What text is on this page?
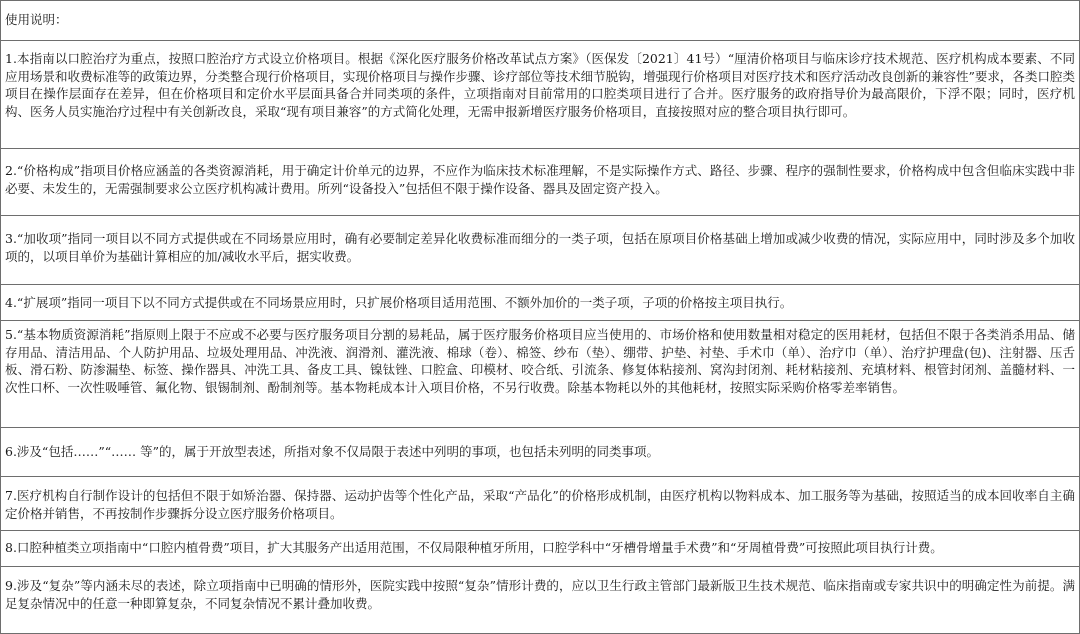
使用说明：
1.本指南以口腔治疗为重点，按照口腔治疗方式设立价格项目。根据《深化医疗服务价格改革试点方案》（医保发〔2021〕41号）“厘清价格项目与临床诊疗技术规范、医疗机构成本要素、不同应用场景和收费标准等的政策边界，分类整合现行价格项目，实现价格项目与操作步骤、诊疗部位等技术细节脱钩，增强现行价格项目对医疗技术和医疗活动改良创新的兼容性”要求，各类口腔类项目在操作层面存在差异，但在价格项目和定价水平层面具备合并同类项的条件，立项指南对目前常用的口腔类项目进行了合并。医疗服务的政府指导价为最高限价，下浮不限；同时，医疗机构、医务人员实施治疗过程中有关创新改良，采取“现有项目兼容”的方式简化处理，无需申报新增医疗服务价格项目，直接按照对应的整合项目执行即可。
2.“价格构成”指项目价格应涵盖的各类资源消耗，用于确定计价单元的边界，不应作为临床技术标准理解，不是实际操作方式、路径、步骤、程序的强制性要求，价格构成中包含但临床实践中非必要、未发生的，无需强制要求公立医疗机构减计费用。所列“设备投入”包括但不限于操作设备、器具及固定资产投入。
3.“加收项”指同一项目以不同方式提供或在不同场景应用时，确有必要制定差异化收费标准而细分的一类子项，包括在原项目价格基础上增加或减少收费的情况，实际应用中，同时涉及多个加收项的，以项目单价为基础计算相应的加/减收水平后，据实收费。
4.“扩展项”指同一项目下以不同方式提供或在不同场景应用时，只扩展价格项目适用范围、不额外加价的一类子项，子项的价格按主项目执行。
5.“基本物质资源消耗”指原则上限于不应或不必要与医疗服务项目分割的易耗品，属于医疗服务价格项目应当使用的、市场价格和使用数量相对稳定的医用耗材，包括但不限于各类消杀用品、储存用品、清洁用品、个人防护用品、垃圾处理用品、冲洗液、润滑剂、灌洗液、棉球（卷）、棉签、纱布（垫）、绷带、护垫、衬垫、手术巾（单）、治疗巾（单）、治疗护理盘(包)、注射器、压舌板、滑石粉、防渗漏垫、标签、操作器具、冲洗工具、备皮工具、镍钛锉、口腔盒、印模材、咬合纸、引流条、修复体粘接剂、窝沟封闭剂、耗材粘接剂、充填材料、根管封闭剂、盖髓材料、一次性口杯、一次性吸唾管、氟化物、银锡制剂、酚制剂等。基本物耗成本计入项目价格，不另行收费。除基本物耗以外的其他耗材，按照实际采购价格零差率销售。
6.涉及“包括……”“…… 等”的，属于开放型表述，所指对象不仅局限于表述中列明的事项，也包括未列明的同类事项。
7.医疗机构自行制作设计的包括但不限于如矫治器、保持器、运动护齿等个性化产品，采取“产品化”的价格形成机制，由医疗机构以物料成本、加工服务等为基础，按照适当的成本回收率自主确定价格并销售，不再按制作步骤拆分设立医疗服务价格项目。
8.口腔种植类立项指南中“口腔内植骨费”项目，扩大其服务产出适用范围，不仅局限种植牙所用，口腔学科中“牙槽骨增量手术费”和“牙周植骨费”可按照此项目执行计费。
9.涉及“复杂”等内涵未尽的表述，除立项指南中已明确的情形外，医院实践中按照“复杂”情形计费的，应以卫生行政主管部门最新版卫生技术规范、临床指南或专家共识中的明确定性为前提。满足复杂情况中的任意一种即算复杂，不同复杂情况不累计叠加收费。
